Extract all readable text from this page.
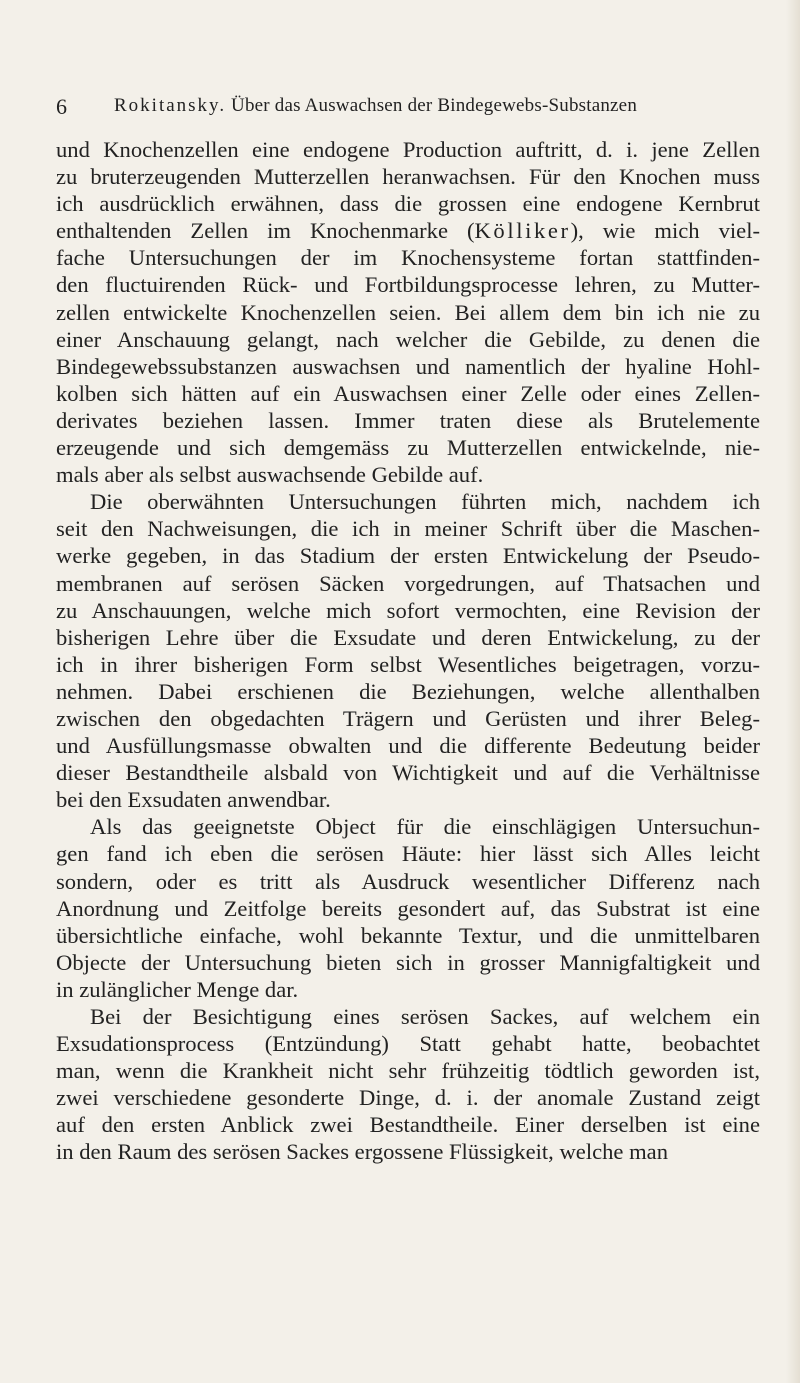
6 Rokitansky. Über das Auswachsen der Bindegewebs-Substanzen
und Knochenzellen eine endogene Production auftritt, d. i. jene Zellen
zu bruterzeugenden Mutterzellen heranwachsen. Für den Knochen muss
ich ausdrücklich erwähnen, dass die grossen eine endogene Kernbrut
enthaltenden Zellen im Knochenmarke (Kölliker), wie mich viel-
fache Untersuchungen der im Knochensysteme fortan stattfinden-
den fluctuirenden Rück- und Fortbildungsprocesse lehren, zu Mutter-
zellen entwickelte Knochenzellen seien. Bei allem dem bin ich nie zu
einer Anschauung gelangt, nach welcher die Gebilde, zu denen die
Bindegewebssubstanzen auswachsen und namentlich der hyaline Hohl-
kolben sich hätten auf ein Auswachsen einer Zelle oder eines Zellen-
derivates beziehen lassen. Immer traten diese als Brutelemente
erzeugende und sich demgemäss zu Mutterzellen entwickelnde, nie-
mals aber als selbst auswachsende Gebilde auf.
Die oberwähnten Untersuchungen führten mich, nachdem ich
seit den Nachweisungen, die ich in meiner Schrift über die Maschen-
werke gegeben, in das Stadium der ersten Entwickelung der Pseudo-
membranen auf serösen Säcken vorgedrungen, auf Thatsachen und
zu Anschauungen, welche mich sofort vermochten, eine Revision der
bisherigen Lehre über die Exsudate und deren Entwickelung, zu der
ich in ihrer bisherigen Form selbst Wesentliches beigetragen, vorzu-
nehmen. Dabei erschienen die Beziehungen, welche allenthalben
zwischen den obgedachten Trägern und Gerüsten und ihrer Beleg-
und Ausfüllungsmasse obwalten und die differente Bedeutung beider
dieser Bestandtheile alsbald von Wichtigkeit und auf die Verhältnisse
bei den Exsudaten anwendbar.
Als das geeignetste Object für die einschlägigen Untersuchun-
gen fand ich eben die serösen Häute: hier lässt sich Alles leicht
sondern, oder es tritt als Ausdruck wesentlicher Differenz nach
Anordnung und Zeitfolge bereits gesondert auf, das Substrat ist eine
übersichtliche einfache, wohl bekannte Textur, und die unmittelbaren
Objecte der Untersuchung bieten sich in grosser Mannigfaltigkeit und
in zulänglicher Menge dar.
Bei der Besichtigung eines serösen Sackes, auf welchem ein
Exsudationsprocess (Entzündung) Statt gehabt hatte, beobachtet
man, wenn die Krankheit nicht sehr frühzeitig tödtlich geworden ist,
zwei verschiedene gesonderte Dinge, d. i. der anomale Zustand zeigt
auf den ersten Anblick zwei Bestandtheile. Einer derselben ist eine
in den Raum des serösen Sackes ergossene Flüssigkeit, welche man
